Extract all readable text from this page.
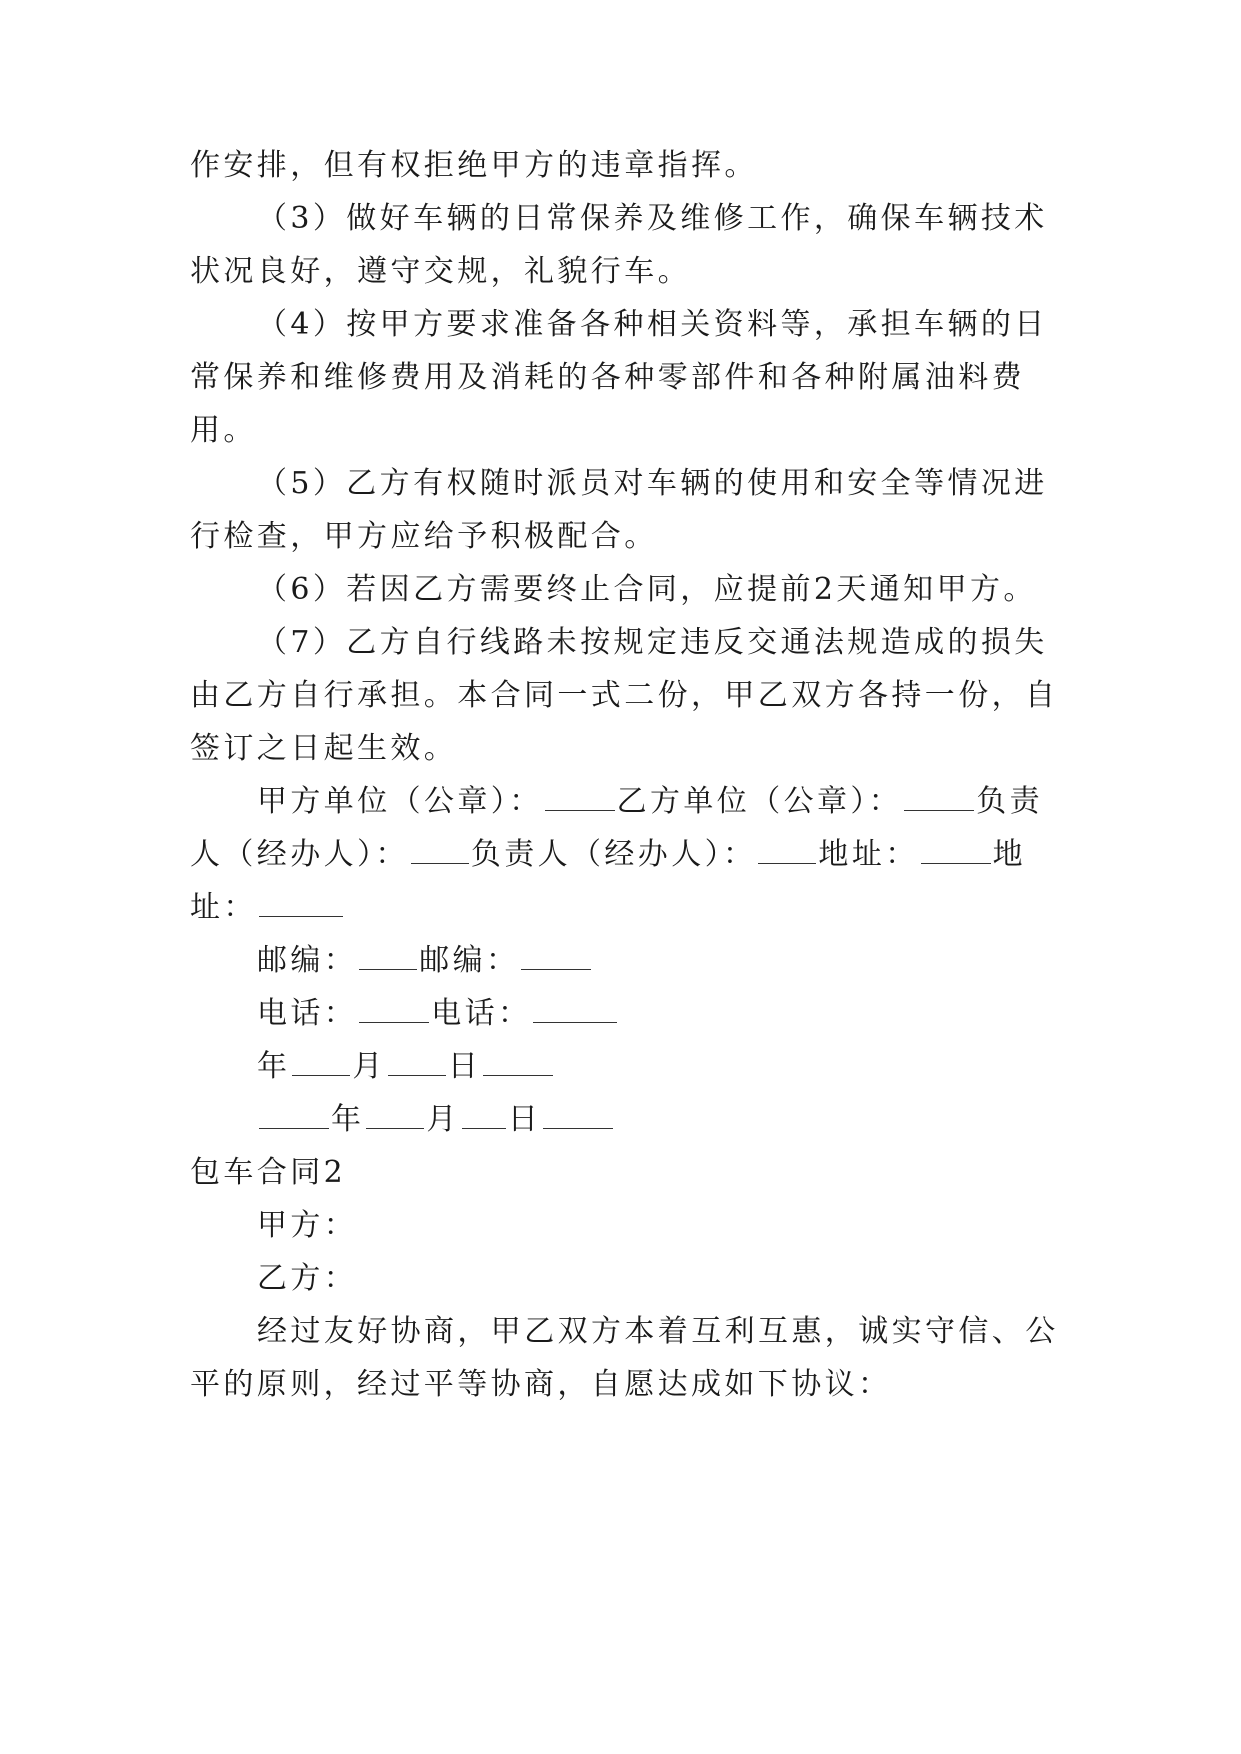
作安排，但有权拒绝甲方的违章指挥。
（3）做好车辆的日常保养及维修工作，确保车辆技术
状况良好，遵守交规，礼貌行车。
（4）按甲方要求准备各种相关资料等，承担车辆的日
常保养和维修费用及消耗的各种零部件和各种附属油料费
用。
（5）乙方有权随时派员对车辆的使用和安全等情况进
行检查，甲方应给予积极配合。
（6）若因乙方需要终止合同，应提前2天通知甲方。
（7）乙方自行线路未按规定违反交通法规造成的损失
由乙方自行承担。本合同一式二份，甲乙双方各持一份，自
签订之日起生效。
甲方单位（公章）： 乙方单位（公章）： 负责
人（经办人）： 负责人（经办人）： 地址： 地
址：
邮编： 邮编：
电话： 电话：
年 月 日
年 月 日
包车合同2
甲方：
乙方：
经过友好协商，甲乙双方本着互利互惠，诚实守信、公
平的原则，经过平等协商，自愿达成如下协议：
